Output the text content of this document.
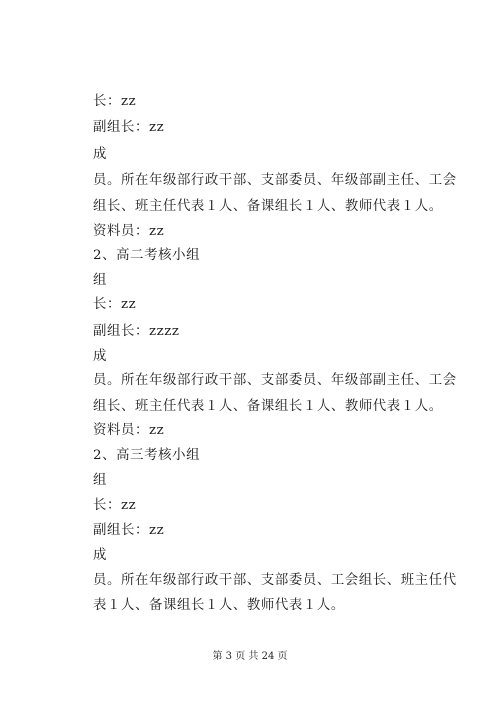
长：zz
副组长：zz
成
员。所在年级部行政干部、支部委员、年级部副主任、工会
组长、班主任代表１人、备课组长１人、教师代表１人。
资料员：zz
2、高二考核小组
组
长：zz
副组长：zzzz
成
员。所在年级部行政干部、支部委员、年级部副主任、工会
组长、班主任代表１人、备课组长１人、教师代表１人。
资料员：zz
2、高三考核小组
组
长：zz
副组长：zz
成
员。所在年级部行政干部、支部委员、工会组长、班主任代
表１人、备课组长１人、教师代表１人。
第 3 页 共 24 页
